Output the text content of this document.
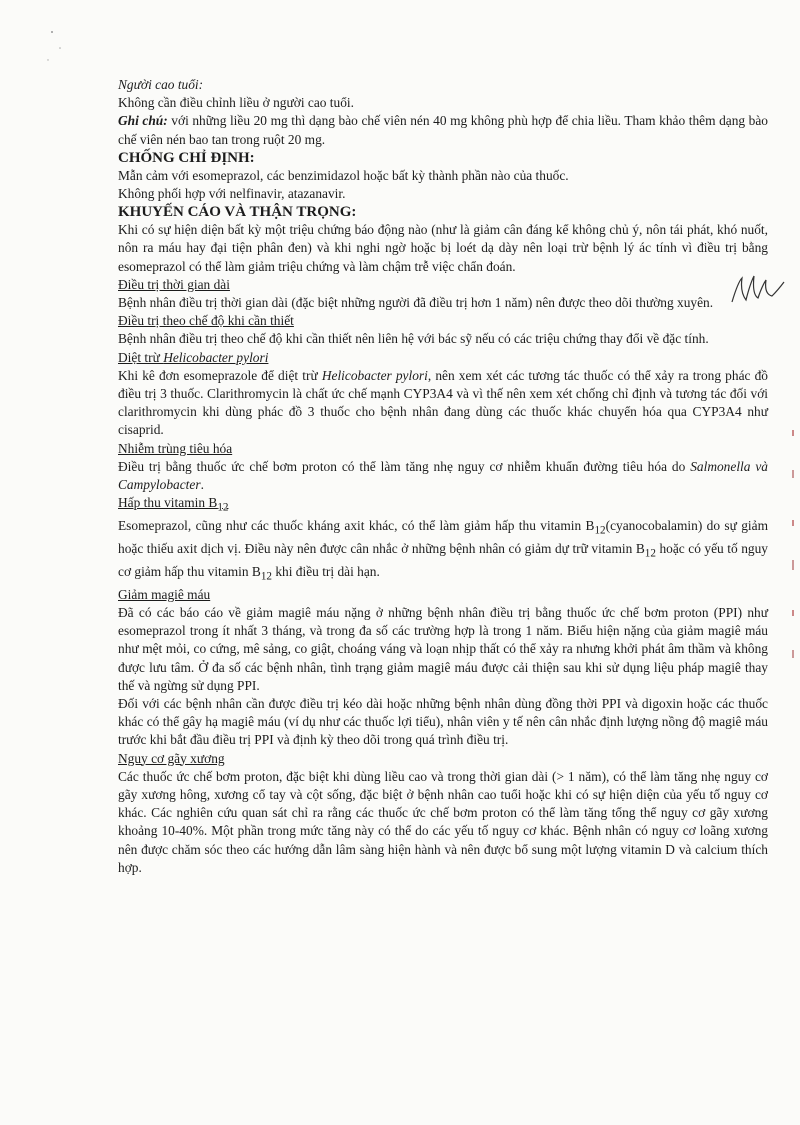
Người cao tuổi:

Không cần điều chỉnh liều ở người cao tuổi.

Ghi chú: với những liều 20 mg thì dạng bào chế viên nén 40 mg không phù hợp để chia liều. Tham khảo thêm dạng bào chế viên nén bao tan trong ruột 20 mg.

CHỐNG CHỈ ĐỊNH:

Mẫn cảm với esomeprazol, các benzimidazol hoặc bất kỳ thành phần nào của thuốc.

Không phối hợp với nelfinavir, atazanavir.

KHUYẾN CÁO VÀ THẬN TRỌNG:

Khi có sự hiện diện bất kỳ một triệu chứng báo động nào (như là giảm cân đáng kể không chủ ý, nôn tái phát, khó nuốt, nôn ra máu hay đại tiện phân đen) và khi nghi ngờ hoặc bị loét dạ dày nên loại trừ bệnh lý ác tính vì điều trị bằng esomeprazol có thể làm giảm triệu chứng và làm chậm trễ việc chẩn đoán.

Điều trị thời gian dài

Bệnh nhân điều trị thời gian dài (đặc biệt những người đã điều trị hơn 1 năm) nên được theo dõi thường xuyên.

Điều trị theo chế độ khi cần thiết

Bệnh nhân điều trị theo chế độ khi cần thiết nên liên hệ với bác sỹ nếu có các triệu chứng thay đổi về đặc tính.

Diệt trừ Helicobacter pylori

Khi kê đơn esomeprazole để diệt trừ Helicobacter pylori, nên xem xét các tương tác thuốc có thể xảy ra trong phác đồ điều trị 3 thuốc. Clarithromycin là chất ức chế mạnh CYP3A4 và vì thế nên xem xét chống chỉ định và tương tác đối với clarithromycin khi dùng phác đồ 3 thuốc cho bệnh nhân đang dùng các thuốc khác chuyển hóa qua CYP3A4 như cisaprid.

Nhiễm trùng tiêu hóa

Điều trị bằng thuốc ức chế bơm proton có thể làm tăng nhẹ nguy cơ nhiễm khuẩn đường tiêu hóa do Salmonella và Campylobacter.

Hấp thu vitamin $B_{12}$

Esomeprazol, cũng như các thuốc kháng axit khác, có thể làm giảm hấp thu vitamin $B_{12}(cyanocobalamin)$ do sự giảm hoặc thiếu axit dịch vị. Điều này nên được cân nhắc ở những bệnh nhân có giảm dự trữ vitamin $B_{12}$ hoặc có yếu tố nguy cơ giảm hấp thu vitamin $B_{12}$ khi điều trị dài hạn.

Giảm magiê máu

Đã có các báo cáo về giảm magiê máu nặng ở những bệnh nhân điều trị bằng thuốc ức chế bơm proton (PPI) như esomeprazol trong ít nhất 3 tháng, và trong đa số các trường hợp là trong 1 năm. Biểu hiện nặng của giảm magiê máu như mệt mỏi, co cứng, mê sảng, co giật, choáng váng và loạn nhịp thất có thể xảy ra nhưng khởi phát âm thầm và không được lưu tâm. Ở đa số các bệnh nhân, tình trạng giảm magiê máu được cải thiện sau khi sử dụng liệu pháp magiê thay thế và ngừng sử dụng PPI.

Đối với các bệnh nhân cần được điều trị kéo dài hoặc những bệnh nhân dùng đồng thời PPI và digoxin hoặc các thuốc khác có thể gây hạ magiê máu (ví dụ như các thuốc lợi tiểu), nhân viên y tế nên cân nhắc định lượng nồng độ magiê máu trước khi bắt đầu điều trị PPI và định kỳ theo dõi trong quá trình điều trị.

Nguy cơ gãy xương

Các thuốc ức chế bơm proton, đặc biệt khi dùng liều cao và trong thời gian dài (> 1 năm), có thể làm tăng nhẹ nguy cơ gãy xương hông, xương cổ tay và cột sống, đặc biệt ở bệnh nhân cao tuổi hoặc khi có sự hiện diện của yếu tố nguy cơ khác. Các nghiên cứu quan sát chỉ ra rằng các thuốc ức chế bơm proton có thể làm tăng tổng thể nguy cơ gãy xương khoảng 10-40%. Một phần trong mức tăng này có thể do các yếu tố nguy cơ khác. Bệnh nhân có nguy cơ loãng xương nên được chăm sóc theo các hướng dẫn lâm sàng hiện hành và nên được bổ sung một lượng vitamin D và calcium thích hợp.
